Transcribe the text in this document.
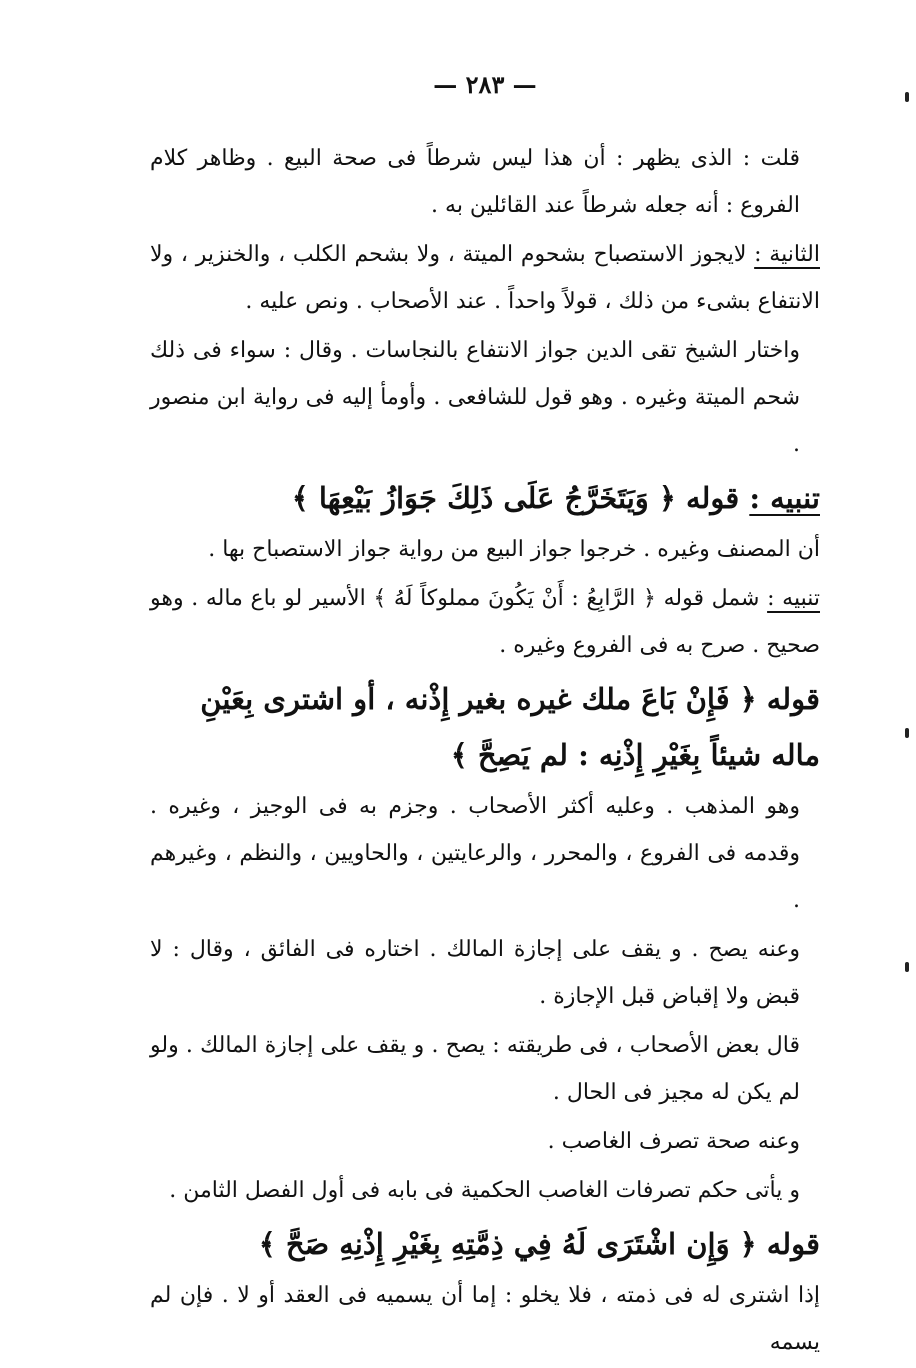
— ٢٨٣ —

قلت : الذى يظهر : أن هذا ليس شرطاً فى صحة البيع . وظاهر كلام الفروع : أنه جعله شرطاً عند القائلين به .

الثانية : لايجوز الاستصباح بشحوم الميتة ، ولا بشحم الكلب ، والخنزير ، ولا الانتفاع بشىء من ذلك ، قولاً واحداً . عند الأصحاب . ونص عليه .

واختار الشيخ تقى الدين جواز الانتفاع بالنجاسات . وقال : سواء فى ذلك شحم الميتة وغيره . وهو قول للشافعى . وأومأ إليه فى رواية ابن منصور .

تنبيه : قوله ﴿ وَيَتَخَرَّجُ عَلَى ذَلِكَ جَوَازُ بَيْعِهَا ﴾

أن المصنف وغيره . خرجوا جواز البيع من رواية جواز الاستصباح بها .

تنبيه : شمل قوله ﴿ الرَّابِعُ : أَنْ يَكُونَ مملوكاً لَهُ ﴾ الأسير لو باع ماله . وهو صحيح . صرح به فى الفروع وغيره .

قوله ﴿ فَإِنْ بَاعَ ملك غيره بغير إِذْنه ، أو اشترى بِعَيْنِ ماله شيئاً بِغَيْرِ إِذْنِه : لم يَصِحَّ ﴾

وهو المذهب . وعليه أكثر الأصحاب . وجزم به فى الوجيز ، وغيره . وقدمه فى الفروع ، والمحرر ، والرعايتين ، والحاويين ، والنظم ، وغيرهم .

وعنه يصح . و يقف على إجازة المالك . اختاره فى الفائق ، وقال : لا قبض ولا إقباض قبل الإجازة .

قال بعض الأصحاب ، فى طريقته : يصح . و يقف على إجازة المالك . ولو لم يكن له مجيز فى الحال .

وعنه صحة تصرف الغاصب .

و يأتى حكم تصرفات الغاصب الحكمية فى بابه فى أول الفصل الثامن .

قوله ﴿ وَإِن اشْتَرَى لَهُ فِي ذِمَّتِهِ بِغَيْرِ إِذْنِهِ صَحَّ ﴾

إذا اشترى له فى ذمته ، فلا يخلو : إما أن يسميه فى العقد أو لا . فإن لم يسمه
